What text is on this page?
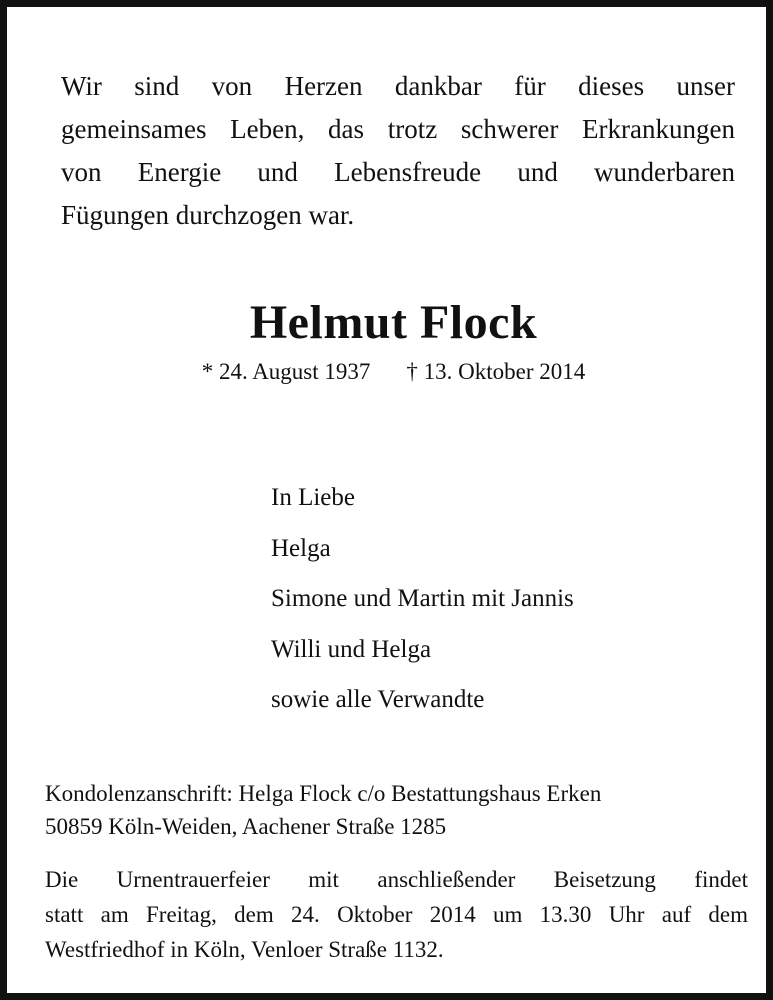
Wir sind von Herzen dankbar für dieses unser
gemeinsames Leben, das trotz schwerer Erkrankungen
von Energie und Lebensfreude und wunderbaren
Fügungen durchzogen war.
Helmut Flock
* 24. August 1937 † 13. Oktober 2014
In Liebe
Helga
Simone und Martin mit Jannis
Willi und Helga
sowie alle Verwandte
Kondolenzanschrift: Helga Flock c/o Bestattungshaus Erken
50859 Köln-Weiden, Aachener Straße 1285
Die Urnentrauerfeier mit anschließender Beisetzung findet
statt am Freitag, dem 24. Oktober 2014 um 13.30 Uhr auf dem
Westfriedhof in Köln, Venloer Straße 1132.
